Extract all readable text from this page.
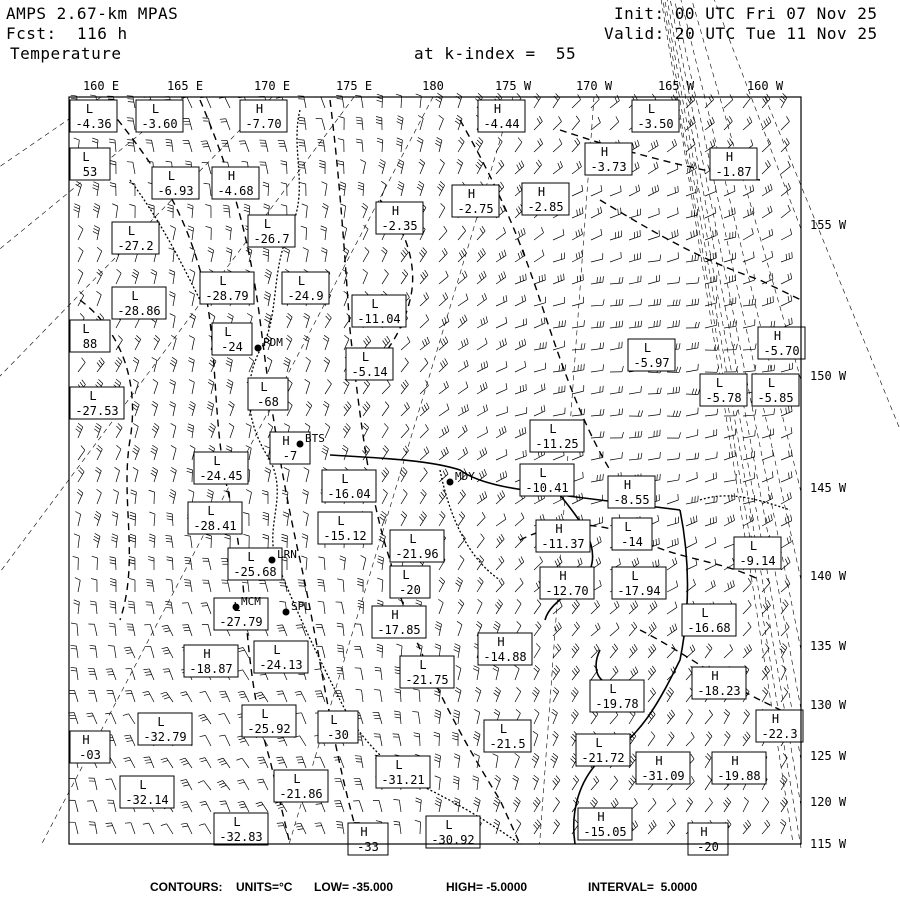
AMPS 2.67-km MPAS
Fcst:  116 h
Temperature
Init: 00 UTC Fri 07 Nov 25
Valid: 20 UTC Tue 11 Nov 25
at k-index =  55
L
-4.36
L
-3.60
H
-7.70
H
-4.44
L
-3.50
H
-3.73
H
-1.87
L
-6.93
H
-4.68
H
-2.35
H
-2.75
H
-2.85
L
-27.2
L
-26.7
L
-28.79
L
-24.9
L
-28.86	L
-11.04
L
-24
L
-5.14
L
-5.97
H
-5.70
L
-27.53
L
-68
L
-5.78
L
-5.85
L
-11.25
L
-24.45
H
-7
L
-16.04
L
-10.41	H
-8.55
L
-28.41	L
-15.12	L
-21.96
H
-11.37
L
-14	L
-9.14
L
-25.68	L
-20
H
-12.70
L
-17.94
-27.79	H
-17.85
L
-16.68
H
-18.87
L
-24.13
H
-14.88
L
-21.75
L
-19.78
H
-18.23
L
-32.79
L
-25.92
L
-30	L
-21.5	L
-21.72
H
-22.3
L
-31.21
H
-31.09
H
-19.88
L
-32.14
L
-21.86
L
-32.83	H
-33
L
-30.92
H
-15.05	H
-20
H
-03
L
53
L
88	PDM
BTS
MDY
LRN
MCM	SPL
160 E	165 E	170 E	175 E	180	175 W	170 W	165 W	160 W
155 W
150 W
145 W
140 W
135 W
130 W
125 W
120 W
115 W
CONTOURS: UNITS=°C LOW= -35.000	HIGH= -5.0000	INTERVAL=  5.0000
